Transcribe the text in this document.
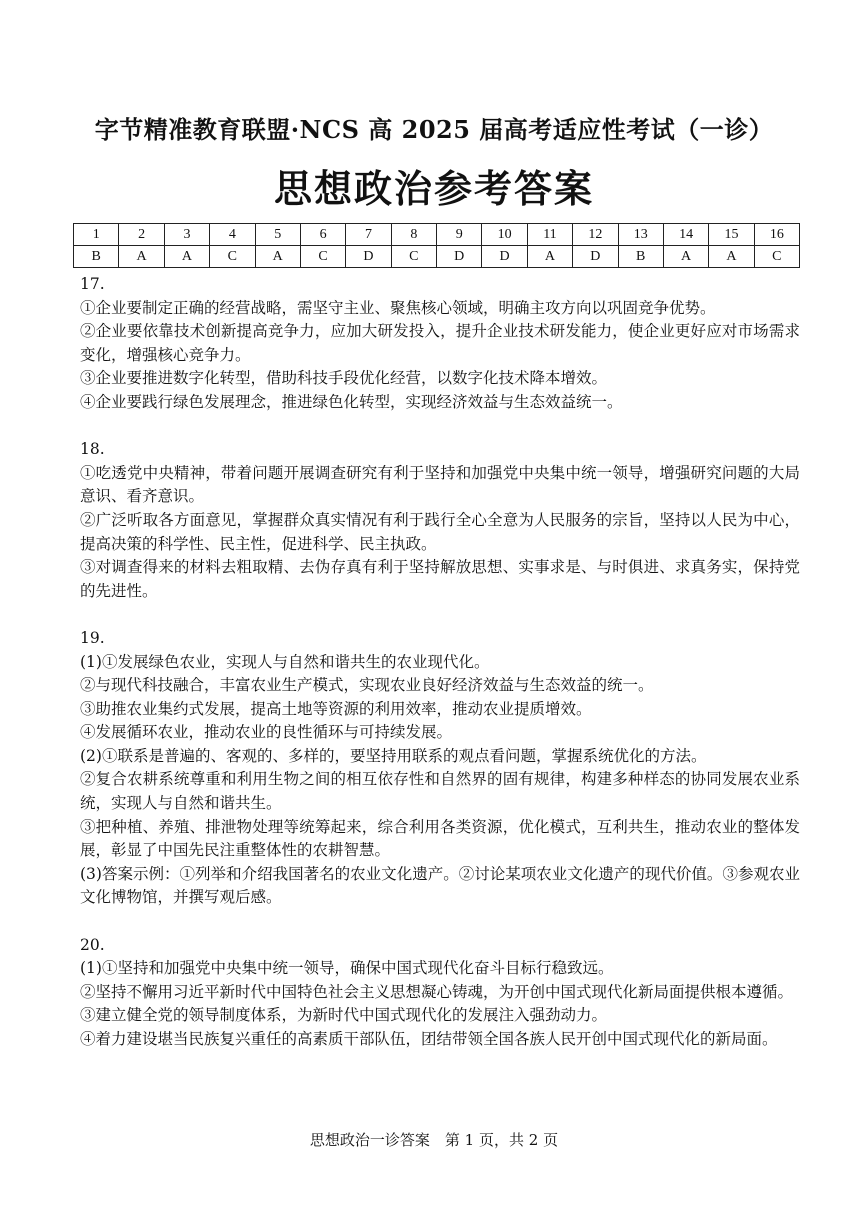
字节精准教育联盟·NCS 高 2025 届高考适应性考试（一诊）
思想政治参考答案
1	2	3	4	5	6	7	8	9	10	11	12	13	14	15	16
B	A	A	C	A	C	D	C	D	D	A	D	B	A	A	C

17.

①企业要制定正确的经营战略，需坚守主业、聚焦核心领域，明确主攻方向以巩固竞争优势。

②企业要依靠技术创新提高竞争力，应加大研发投入，提升企业技术研发能力，使企业更好应对市场需求变化，增强核心竞争力。

③企业要推进数字化转型，借助科技手段优化经营，以数字化技术降本增效。

④企业要践行绿色发展理念，推进绿色化转型，实现经济效益与生态效益统一。

18.

①吃透党中央精神，带着问题开展调查研究有利于坚持和加强党中央集中统一领导，增强研究问题的大局意识、看齐意识。

②广泛听取各方面意见，掌握群众真实情况有利于践行全心全意为人民服务的宗旨，坚持以人民为中心，提高决策的科学性、民主性，促进科学、民主执政。

③对调查得来的材料去粗取精、去伪存真有利于坚持解放思想、实事求是、与时俱进、求真务实，保持党的先进性。

19.

(1)①发展绿色农业，实现人与自然和谐共生的农业现代化。

②与现代科技融合，丰富农业生产模式，实现农业良好经济效益与生态效益的统一。

③助推农业集约式发展，提高土地等资源的利用效率，推动农业提质增效。

④发展循环农业，推动农业的良性循环与可持续发展。

(2)①联系是普遍的、客观的、多样的，要坚持用联系的观点看问题，掌握系统优化的方法。

②复合农耕系统尊重和利用生物之间的相互依存性和自然界的固有规律，构建多种样态的协同发展农业系统，实现人与自然和谐共生。

③把种植、养殖、排泄物处理等统筹起来，综合利用各类资源，优化模式，互利共生，推动农业的整体发展，彰显了中国先民注重整体性的农耕智慧。

(3)答案示例：①列举和介绍我国著名的农业文化遗产。②讨论某项农业文化遗产的现代价值。③参观农业文化博物馆，并撰写观后感。

20.

(1)①坚持和加强党中央集中统一领导，确保中国式现代化奋斗目标行稳致远。

②坚持不懈用习近平新时代中国特色社会主义思想凝心铸魂，为开创中国式现代化新局面提供根本遵循。

③建立健全党的领导制度体系，为新时代中国式现代化的发展注入强劲动力。

④着力建设堪当民族复兴重任的高素质干部队伍，团结带领全国各族人民开创中国式现代化的新局面。

思想政治一诊答案　第 1 页，共 2 页
